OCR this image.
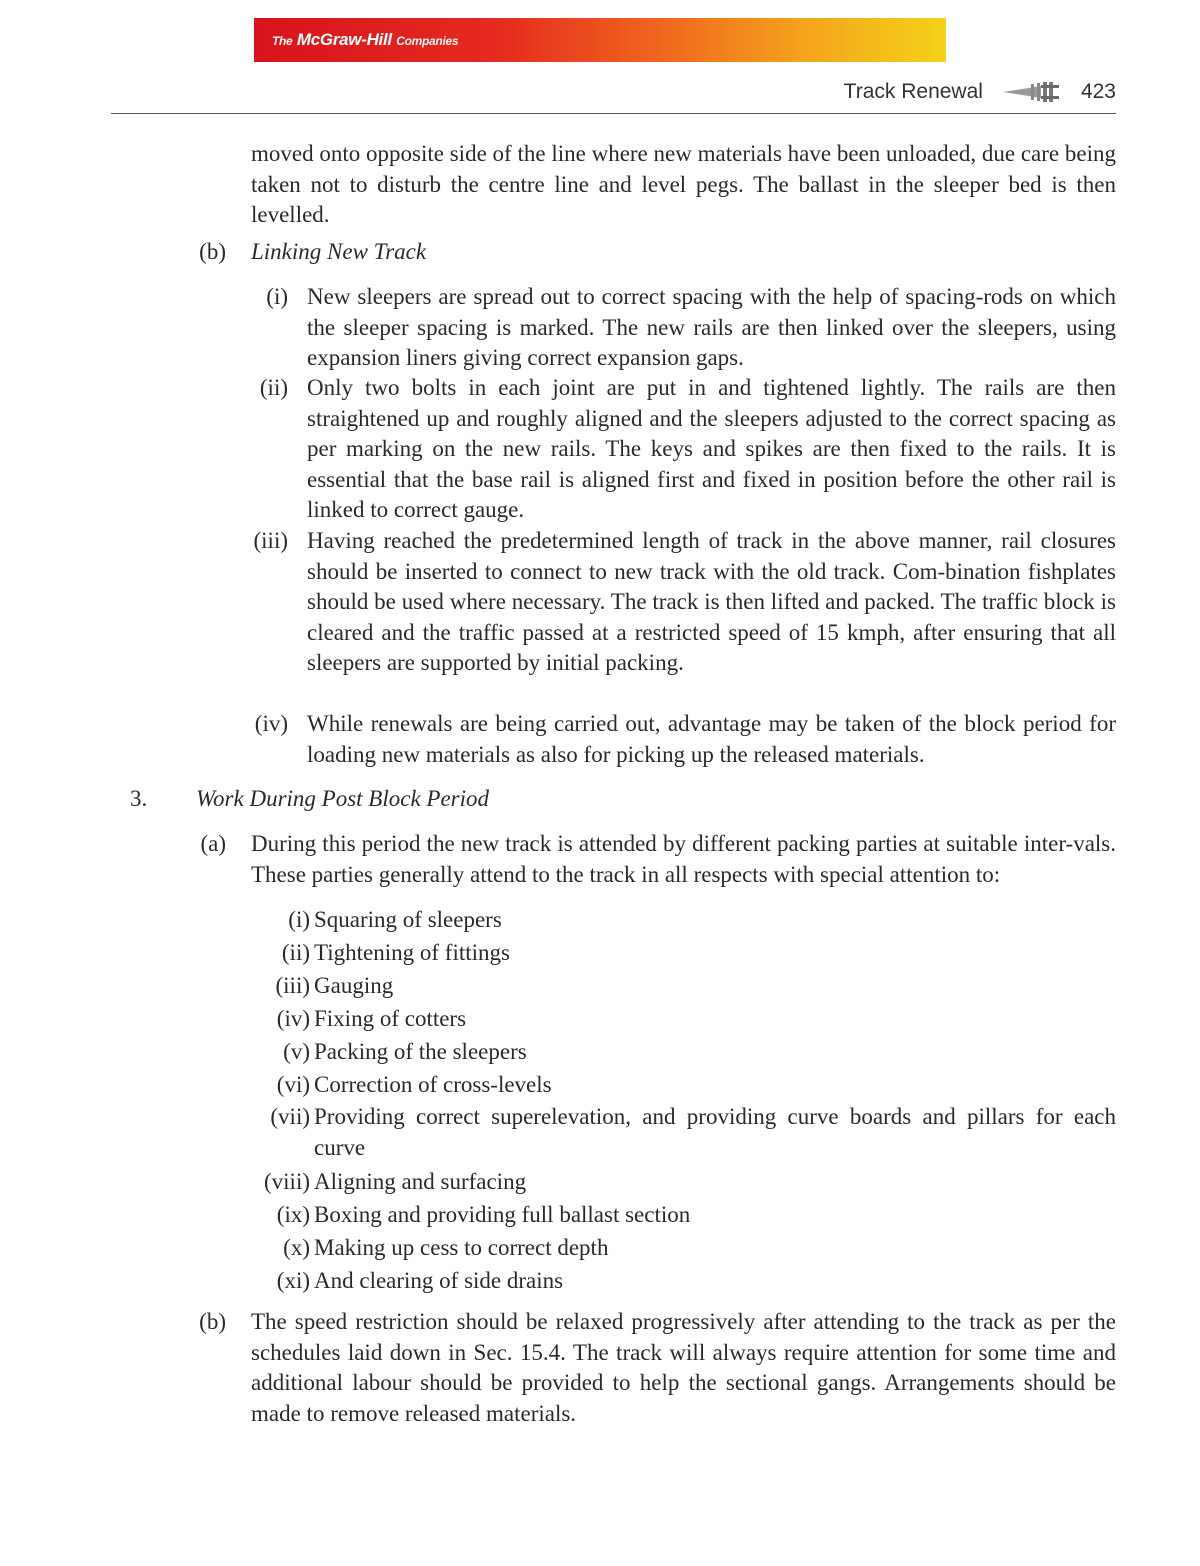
The McGraw-Hill Companies
Track Renewal	423
moved onto opposite side of the line where new materials have been unloaded, due care being taken not to disturb the centre line and level pegs. The ballast in the sleeper bed is then levelled.
(b) Linking New Track
(i) New sleepers are spread out to correct spacing with the help of spacing-rods on which the sleeper spacing is marked. The new rails are then linked over the sleepers, using expansion liners giving correct expansion gaps.
(ii) Only two bolts in each joint are put in and tightened lightly. The rails are then straightened up and roughly aligned and the sleepers adjusted to the correct spacing as per marking on the new rails. The keys and spikes are then fixed to the rails. It is essential that the base rail is aligned first and fixed in position before the other rail is linked to correct gauge.
(iii) Having reached the predetermined length of track in the above manner, rail closures should be inserted to connect to new track with the old track. Com-bination fishplates should be used where necessary. The track is then lifted and packed. The traffic block is cleared and the traffic passed at a restricted speed of 15 kmph, after ensuring that all sleepers are supported by initial packing.
(iv) While renewals are being carried out, advantage may be taken of the block period for loading new materials as also for picking up the released materials.
3.	Work During Post Block Period
(a) During this period the new track is attended by different packing parties at suitable inter-vals. These parties generally attend to the track in all respects with special attention to:
(i) Squaring of sleepers
(ii) Tightening of fittings
(iii) Gauging
(iv) Fixing of cotters
(v) Packing of the sleepers
(vi) Correction of cross-levels
(vii) Providing correct superelevation, and providing curve boards and pillars for each curve
(viii) Aligning and surfacing
(ix) Boxing and providing full ballast section
(x) Making up cess to correct depth
(xi) And clearing of side drains
(b) The speed restriction should be relaxed progressively after attending to the track as per the schedules laid down in Sec. 15.4. The track will always require attention for some time and additional labour should be provided to help the sectional gangs. Arrangements should be made to remove released materials.
